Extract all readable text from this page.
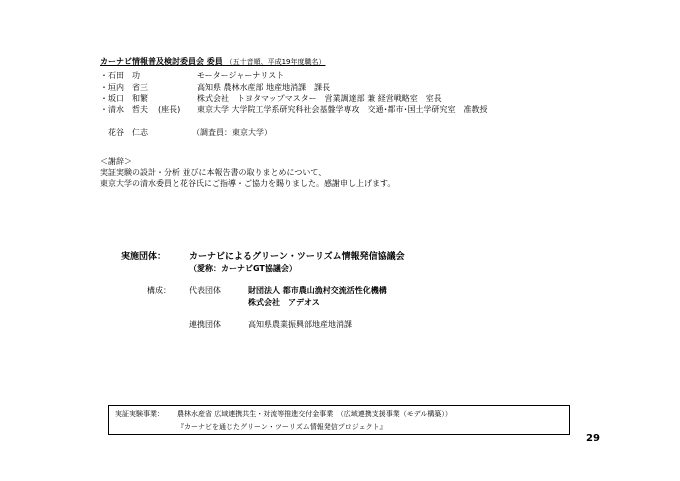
カーナビ情報普及検討委員会 委員 （五十音順、平成19年度職名）
・ 石田　功	モータージャーナリスト
・ 垣内　省三	高知県 農林水産部 地産地消課　課長
・ 坂口　和繁	株式会社　トヨタマップマスター　営業調達部 兼 経営戦略室　室長
・ 清水　哲夫 (座長) 東京大学 大学院工学系研究科社会基盤学専攻　交通･都市･国土学研究室　准教授
花谷　仁志	（調査員：東京大学）
＜謝辞＞
実証実験の設計・分析 並びに本報告書の取りまとめについて、
東京大学の清水委員と花谷氏にご指導・ご協力を賜りました。感謝申し上げます。
実施団体：	カーナビによるグリーン・ツーリズム情報発信協議会
（愛称：カーナビGT協議会）
構成： 代表団体	財団法人 都市農山漁村交流活性化機構
株式会社　アデオス
連携団体	高知県農業振興部地産地消課
実証実験事業： 農林水産省 広域連携共生・対流等推進交付金事業　（広域連携支援事業（モデル構築））
『カーナビを通じたグリーン・ツーリズム情報発信プロジェクト』
29
